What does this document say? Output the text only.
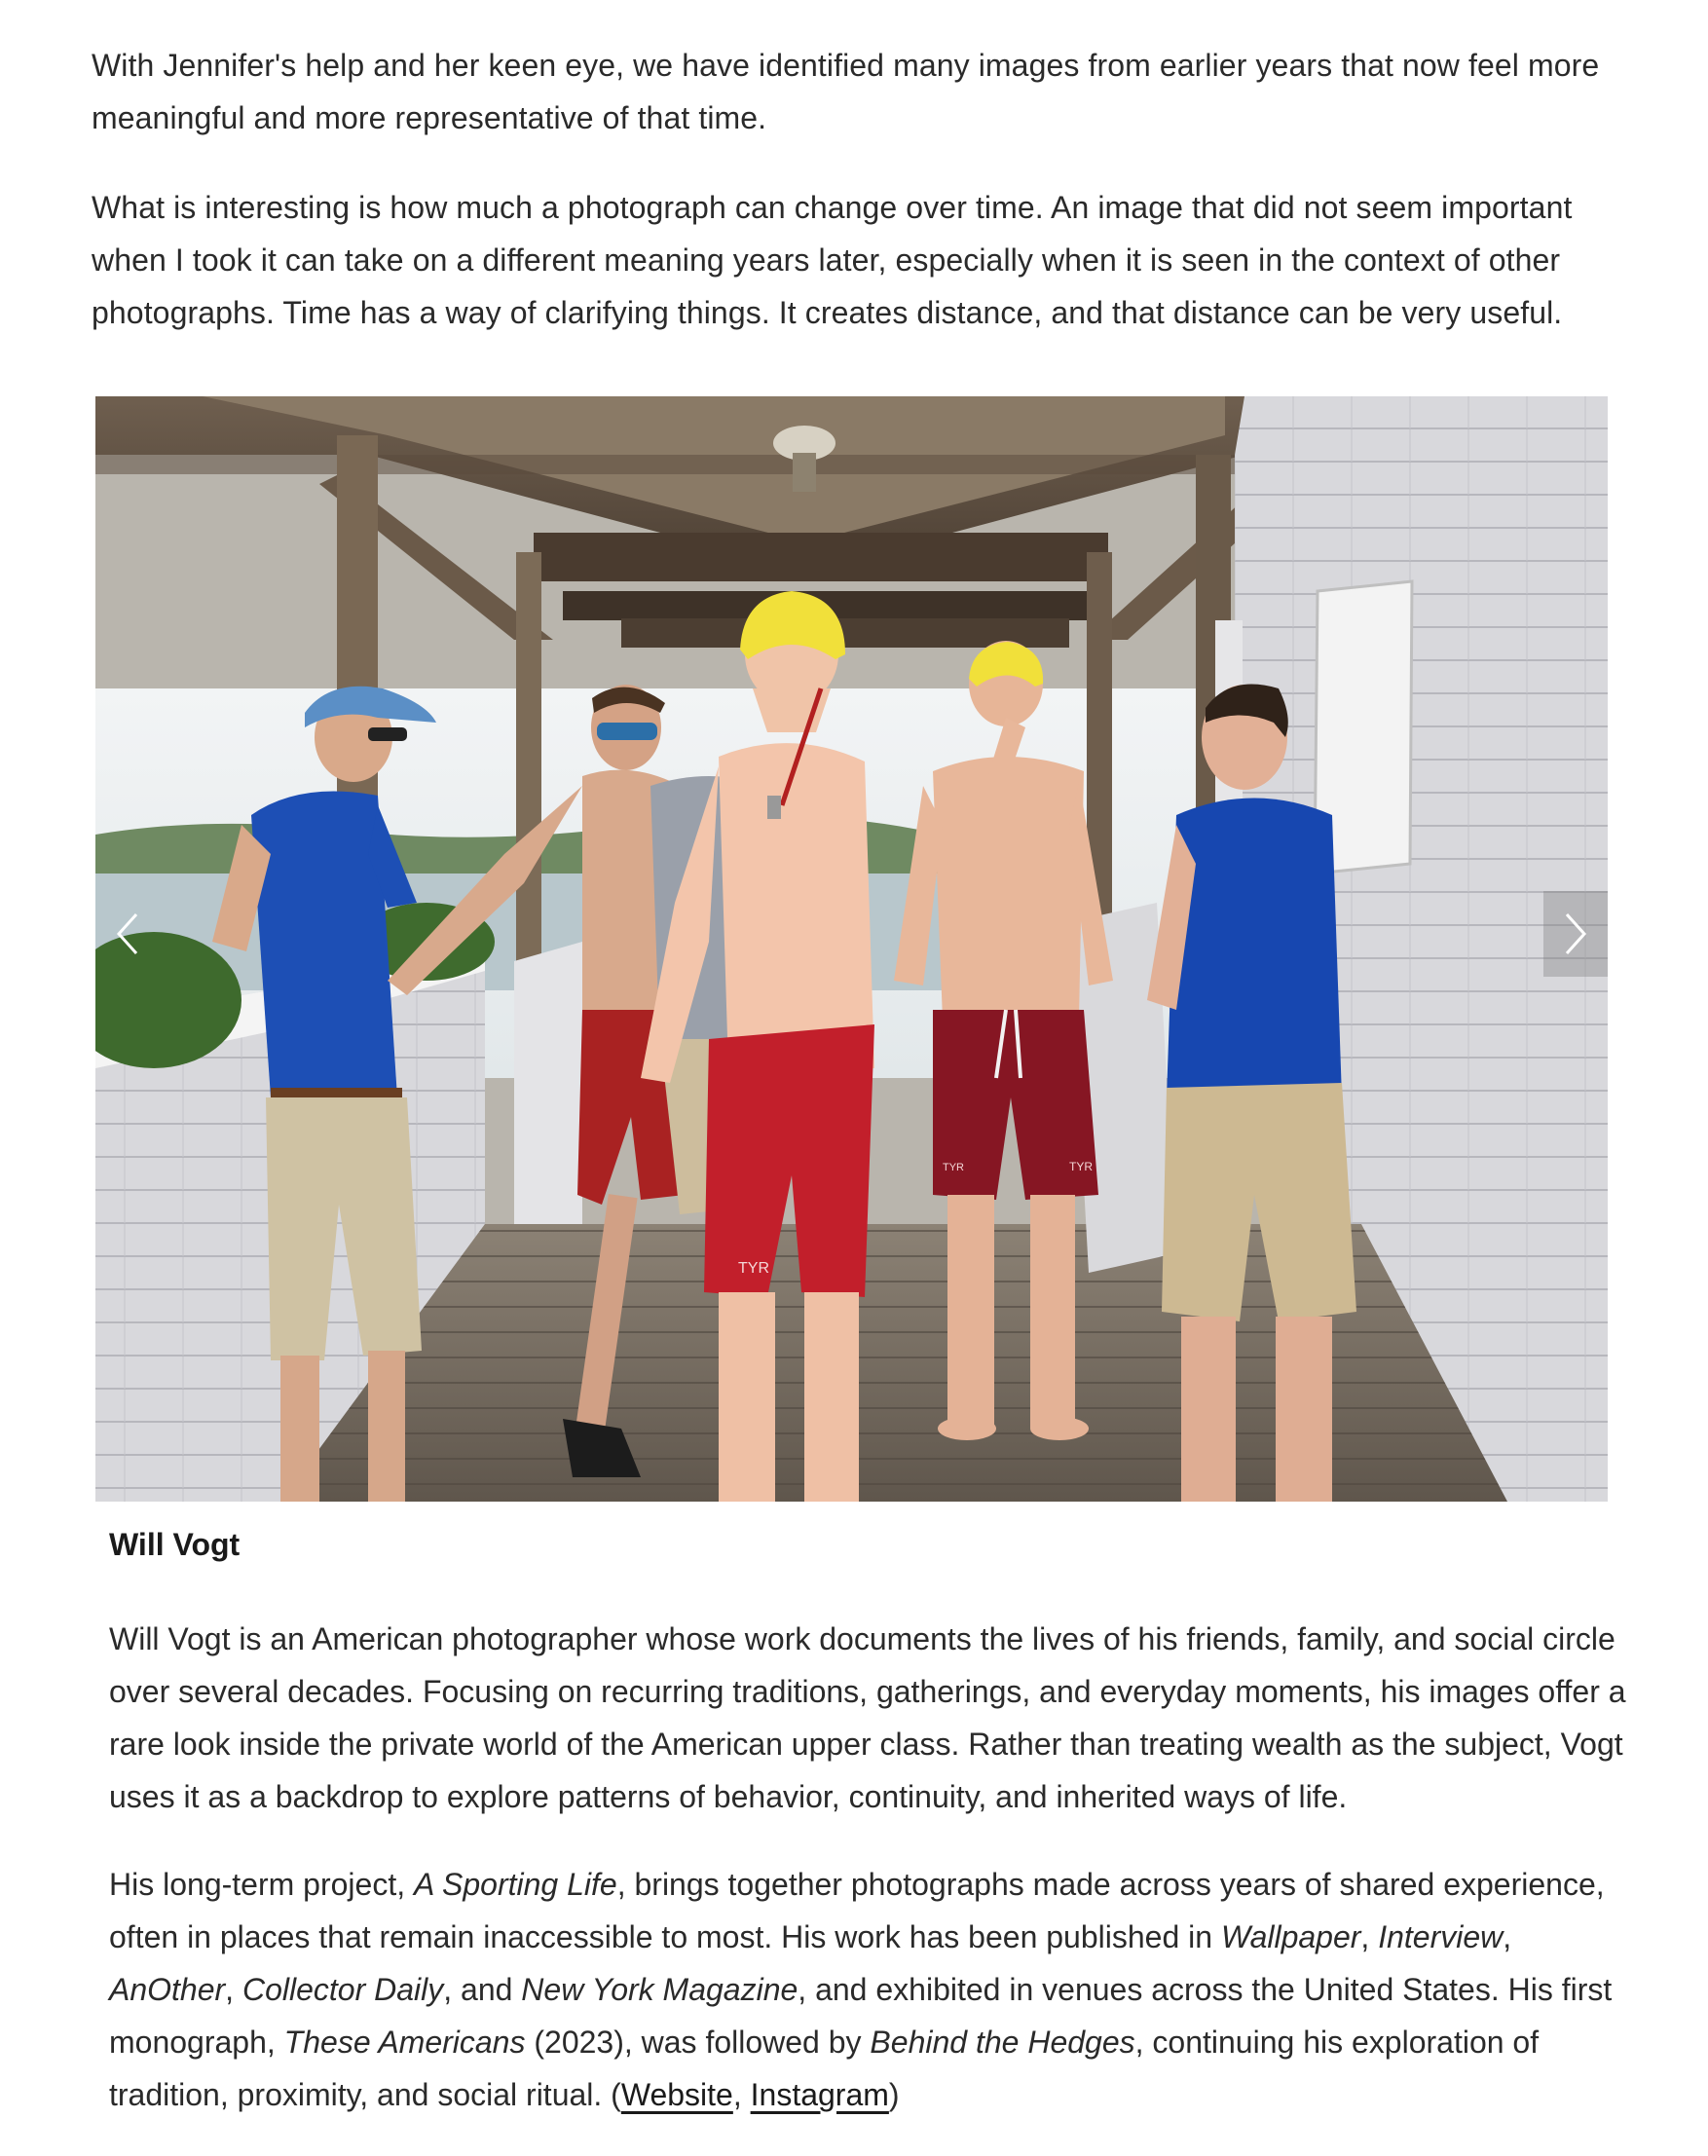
With Jennifer's help and her keen eye, we have identified many images from earlier years that now feel more meaningful and more representative of that time.

What is interesting is how much a photograph can change over time. An image that did not seem important when I took it can take on a different meaning years later, especially when it is seen in the context of other photographs. Time has a way of clarifying things. It creates distance, and that distance can be very useful.

TYR
TYR
TYR
Will Vogt

Will Vogt is an American photographer whose work documents the lives of his friends, family, and social circle over several decades. Focusing on recurring traditions, gatherings, and everyday moments, his images offer a rare look inside the private world of the American upper class. Rather than treating wealth as the subject, Vogt uses it as a backdrop to explore patterns of behavior, continuity, and inherited ways of life.

His long-term project, A Sporting Life, brings together photographs made across years of shared experience, often in places that remain inaccessible to most. His work has been published in Wallpaper, Interview, AnOther, Collector Daily, and New York Magazine, and exhibited in venues across the United States. His first monograph, These Americans (2023), was followed by Behind the Hedges, continuing his exploration of tradition, proximity, and social ritual. (Website, Instagram)
